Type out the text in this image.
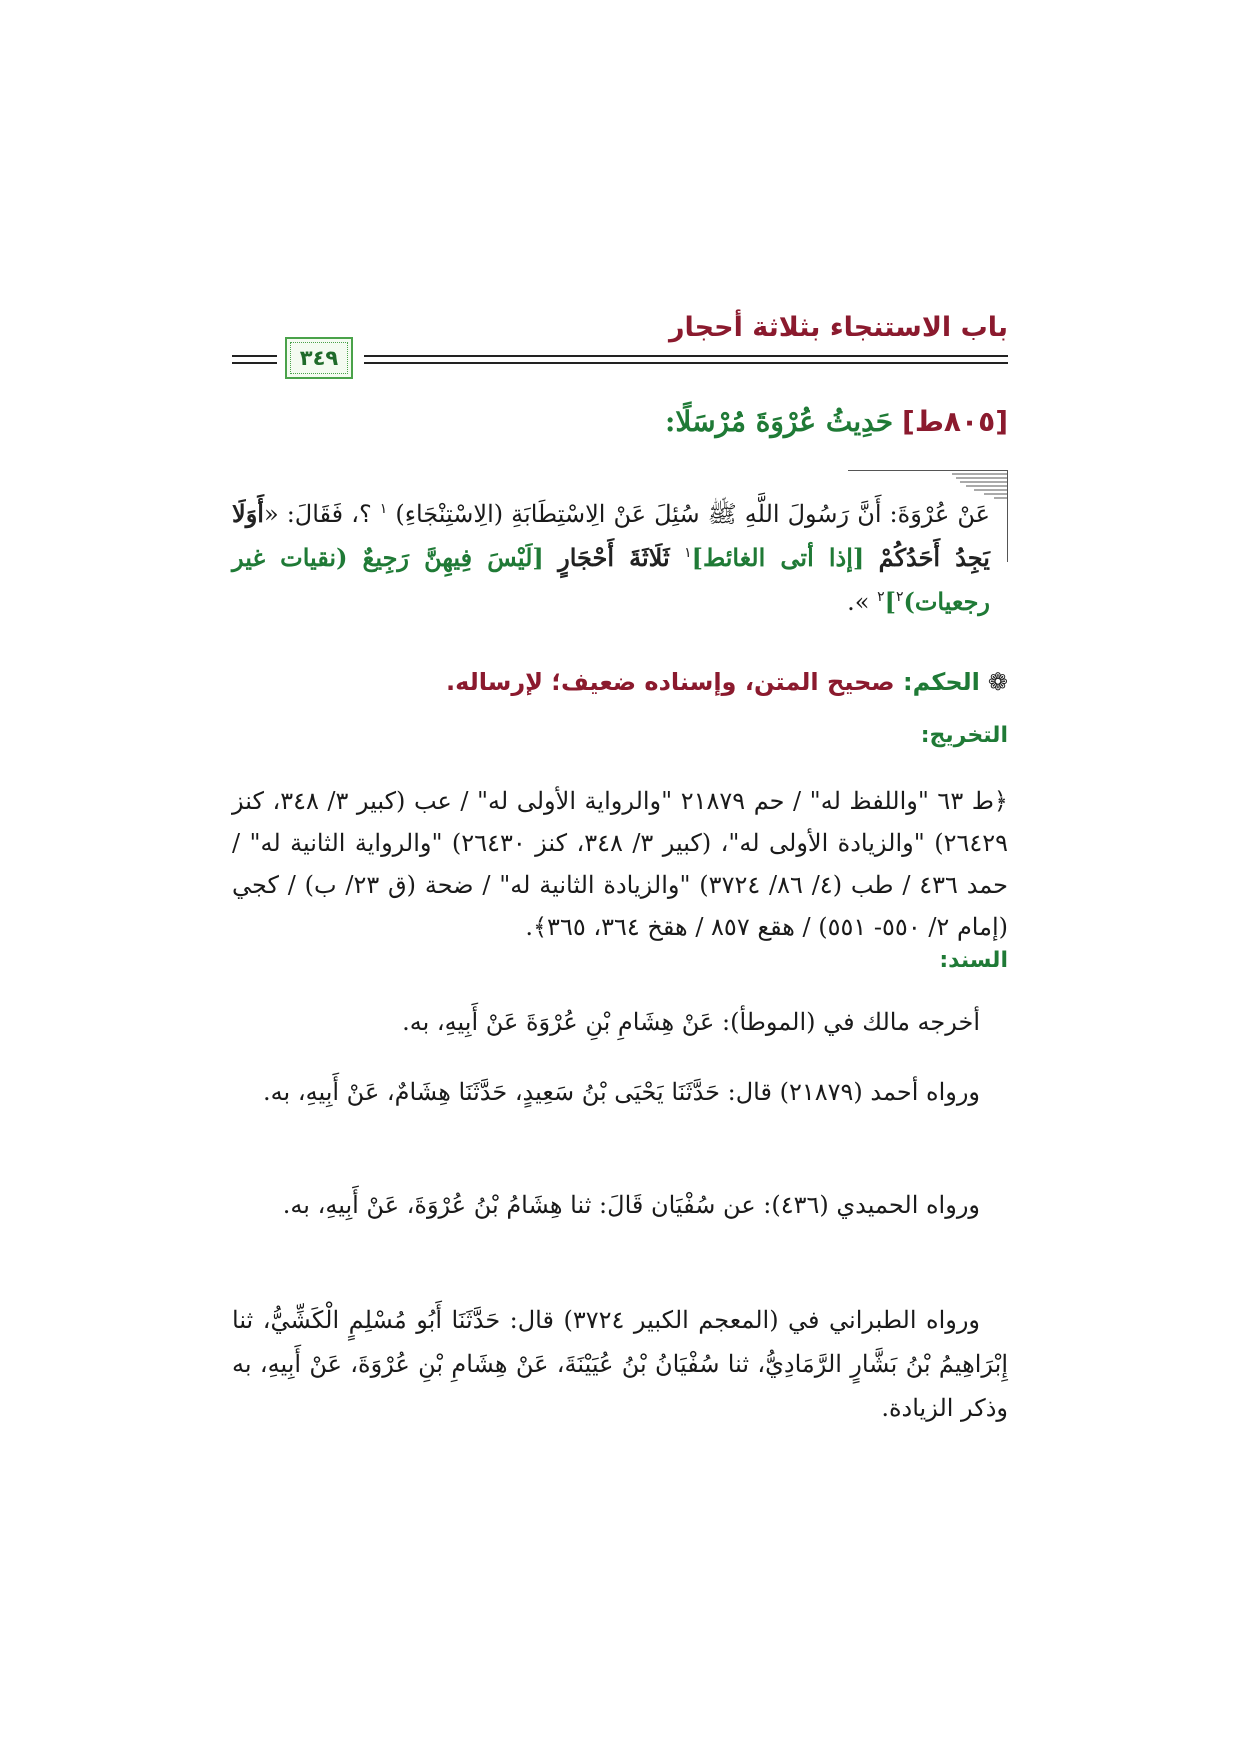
باب الاستنجاء بثلاثة أحجار
٣٤٩
[٨٠٥ط] حَدِيثُ عُرْوَةَ مُرْسَلًا:
عَنْ عُرْوَةَ: أَنَّ رَسُولَ اللَّهِ ﷺ سُئِلَ عَنْ الِاسْتِطَابَةِ (الِاسْتِنْجَاءِ) $^١$ ؟، فَقَالَ: «أَوَلَا يَجِدُ أَحَدُكُمْ [إذا أتى الغائط]$^١$ ثَلَاثَةَ أَحْجَارٍ [لَيْسَ فِيهِنَّ رَجِيعٌ (نقيات غير رجعيات)$^٢$]$^٢$ ».
❁الحكم: صحيح المتن، وإسناده ضعيف؛ لإرساله.
التخريج:
﴿ط ٦٣ "واللفظ له" / حم ٢١٨٧٩ "والرواية الأولى له" / عب (كبير ٣/ ٣٤٨، كنز ٢٦٤٢٩) "والزيادة الأولى له"، (كبير ٣/ ٣٤٨، كنز ٢٦٤٣٠) "والرواية الثانية له" / حمد ٤٣٦ / طب (٤/ ٨٦/ ٣٧٢٤) "والزيادة الثانية له" / ضحة (ق ٢٣/ ب) / كجي (إمام ٢/ ٥٥٠- ٥٥١) / هقع ٨٥٧ / هقخ ٣٦٤، ٣٦٥﴾.
السند:
أخرجه مالك في (الموطأ): عَنْ هِشَامِ بْنِ عُرْوَةَ عَنْ أَبِيهِ، به.
ورواه أحمد (٢١٨٧٩) قال: حَدَّثَنَا يَحْيَى بْنُ سَعِيدٍ، حَدَّثَنَا هِشَامٌ، عَنْ أَبِيهِ، به.
ورواه الحميدي (٤٣٦): عن سُفْيَان قَالَ: ثنا هِشَامُ بْنُ عُرْوَةَ، عَنْ أَبِيهِ، به.
ورواه الطبراني في (المعجم الكبير ٣٧٢٤) قال: حَدَّثَنَا أَبُو مُسْلِمٍ الْكَشِّيُّ، ثنا إِبْرَاهِيمُ بْنُ بَشَّارٍ الرَّمَادِيُّ، ثنا سُفْيَانُ بْنُ عُيَيْنَةَ، عَنْ هِشَامِ بْنِ عُرْوَةَ، عَنْ أَبِيهِ، به وذكر الزيادة.
